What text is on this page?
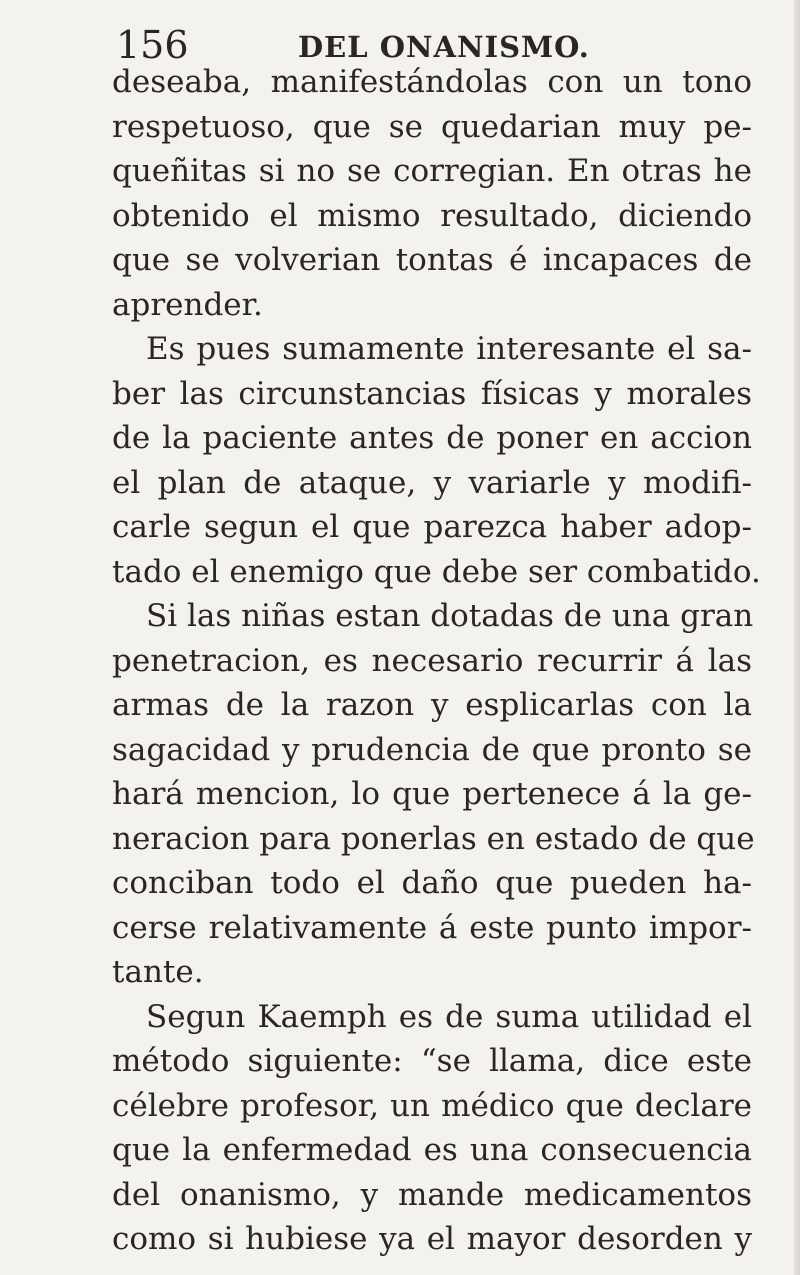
156	DEL ONANISMO.
deseaba, manifestándolas con un tono
respetuoso, que se quedarian muy pe-
queñitas si no se corregian. En otras he
obtenido el mismo resultado, diciendo
que se volverian tontas é incapaces de
aprender.
Es pues sumamente interesante el sa-
ber las circunstancias físicas y morales
de la paciente antes de poner en accion
el plan de ataque, y variarle y modifi-
carle segun el que parezca haber adop-
tado el enemigo que debe ser combatido.
Si las niñas estan dotadas de una gran
penetracion, es necesario recurrir á las
armas de la razon y esplicarlas con la
sagacidad y prudencia de que pronto se
hará mencion, lo que pertenece á la ge-
neracion para ponerlas en estado de que
conciban todo el daño que pueden ha-
cerse relativamente á este punto impor-
tante.
Segun Kaemph es de suma utilidad el
método siguiente: “se llama, dice este
célebre profesor, un médico que declare
que la enfermedad es una consecuencia
del onanismo, y mande medicamentos
como si hubiese ya el mayor desorden y
